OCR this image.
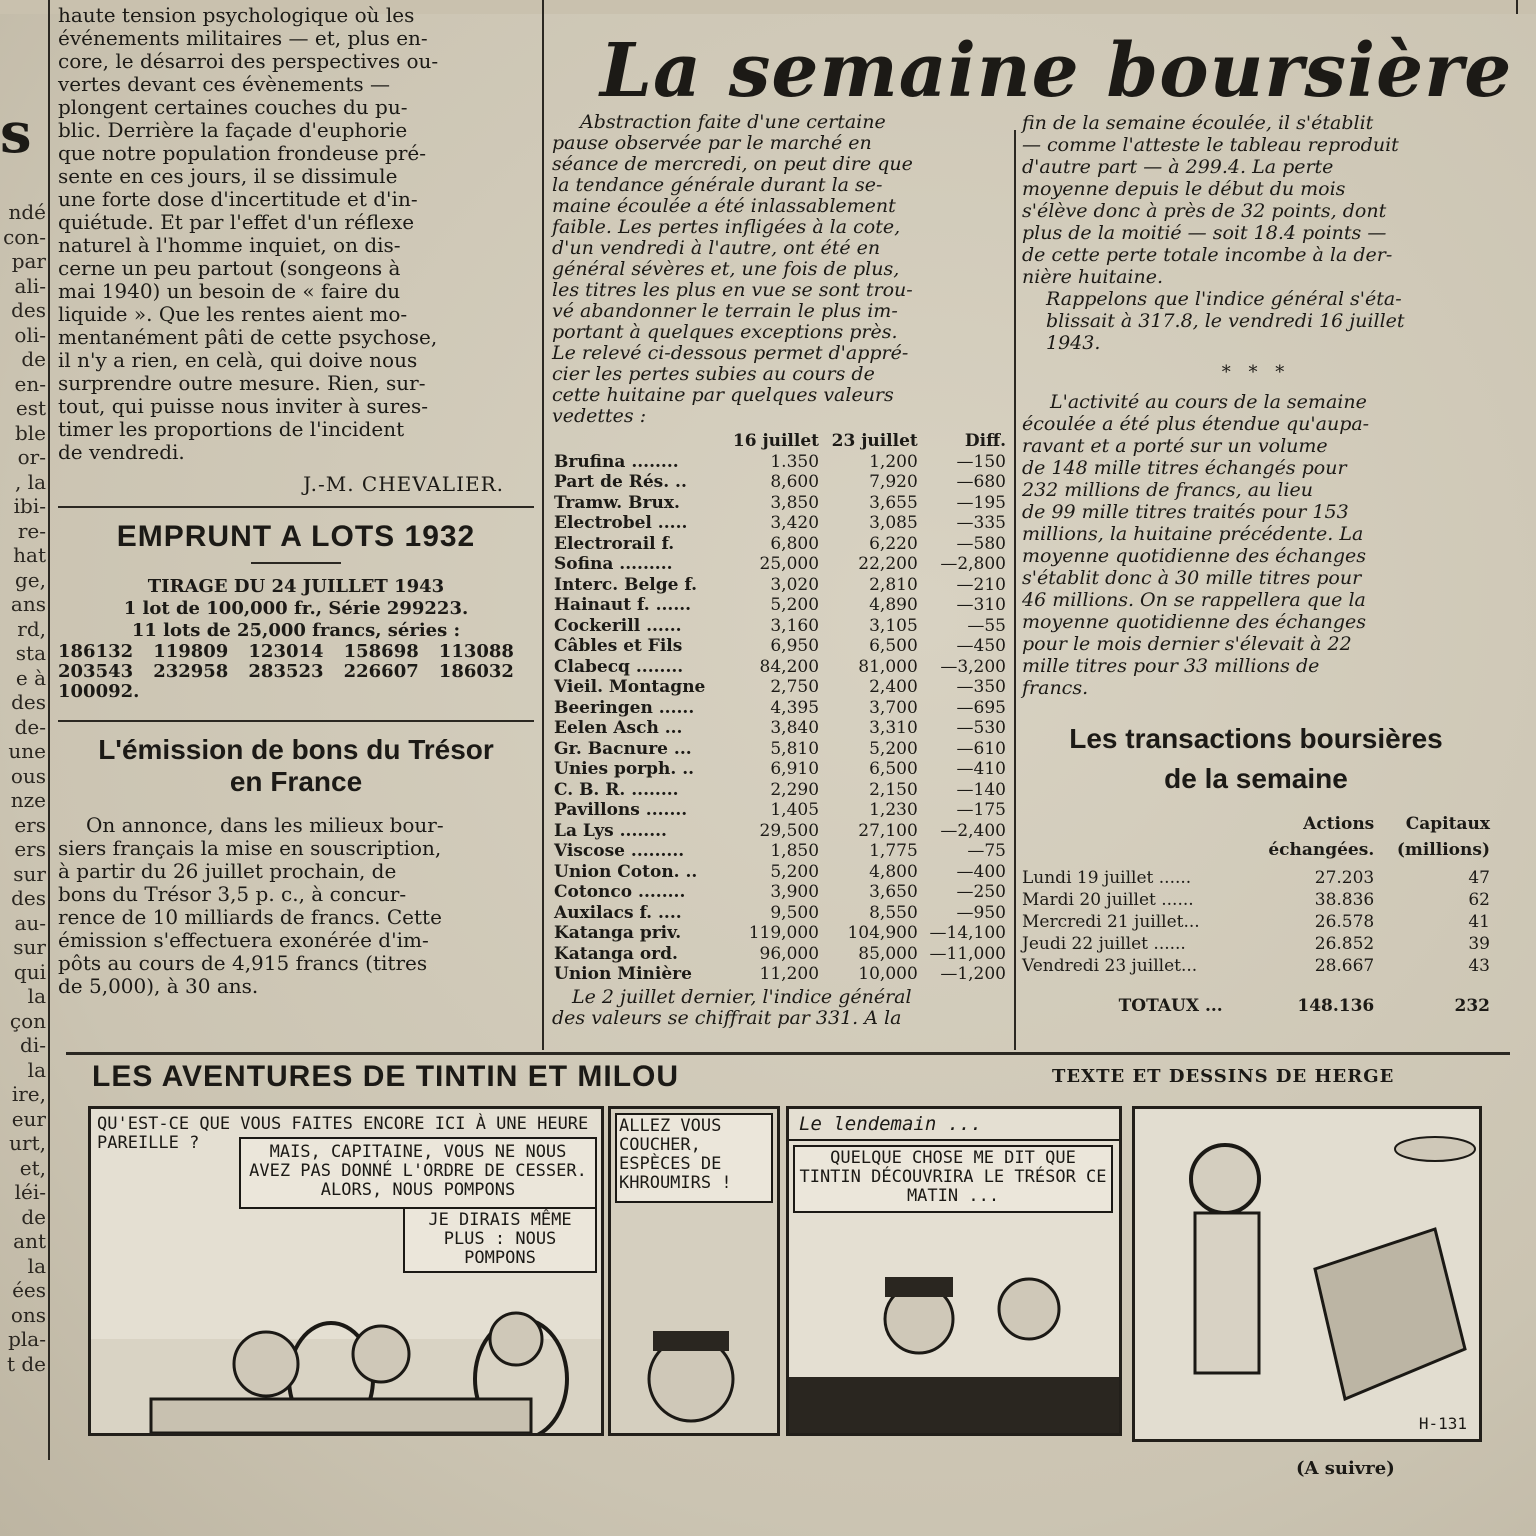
s
ndé
con-
par
ali-
des
oli-
de
en-
est
ble
or-
, la
ibi-
re-
hat
ge,
ans
rd,
sta
e à
des
de-
une
ous
nze
ers
ers
sur
des
au-
sur
qui
la
çon
di-
la
ire,
eur
urt,
et,
léi-
de
ant
la
ées
ons
pla-
t de
haute tension psychologique où les
événements militaires — et, plus en-
core, le désarroi des perspectives ou-
vertes devant ces évènements —
plongent certaines couches du pu-
blic. Derrière la façade d'euphorie
que notre population frondeuse pré-
sente en ces jours, il se dissimule
une forte dose d'incertitude et d'in-
quiétude. Et par l'effet d'un réflexe
naturel à l'homme inquiet, on dis-
cerne un peu partout (songeons à
mai 1940) un besoin de « faire du
liquide ». Que les rentes aient mo-
mentanément pâti de cette psychose,
il n'y a rien, en celà, qui doive nous
surprendre outre mesure. Rien, sur-
tout, qui puisse nous inviter à sures-
timer les proportions de l'incident
de vendredi.
J.-M. CHEVALIER.
EMPRUNT A LOTS 1932
TIRAGE DU 24 JUILLET 1943
1 lot de 100,000 fr., Série 299223.
11 lots de 25,000 francs, séries :
186132	119809	123014	158698	113088
203543	232958	283523	226607	186032
100092.
L'émission de bons du Trésor
en France
On annonce, dans les milieux bour-
siers français la mise en souscription,
à partir du 26 juillet prochain, de
bons du Trésor 3,5 p. c., à concur-
rence de 10 milliards de francs. Cette
émission s'effectuera exonérée d'im-
pôts au cours de 4,915 francs (titres
de 5,000), à 30 ans.
La semaine boursière
Abstraction faite d'une certaine
pause observée par le marché en
séance de mercredi, on peut dire que
la tendance générale durant la se-
maine écoulée a été inlassablement
faible. Les pertes infligées à la cote,
d'un vendredi à l'autre, ont été en
général sévères et, une fois de plus,
les titres les plus en vue se sont trou-
vé abandonner le terrain le plus im-
portant à quelques exceptions près.
Le relevé ci-dessous permet d'appré-
cier les pertes subies au cours de
cette huitaine par quelques valeurs
vedettes :
	16 juillet	23 juillet	Diff.
Brufina ........	1.350	1,200	—150
Part de Rés. ..	8,600	7,920	—680
Tramw. Brux.	3,850	3,655	—195
Electrobel .....	3,420	3,085	—335
Electrorail f.	6,800	6,220	—580
Sofina .........	25,000	22,200	—2,800
Interc. Belge f.	3,020	2,810	—210
Hainaut f. ......	5,200	4,890	—310
Cockerill ......	3,160	3,105	—55
Câbles et Fils	6,950	6,500	—450
Clabecq ........	84,200	81,000	—3,200
Vieil. Montagne	2,750	2,400	—350
Beeringen ......	4,395	3,700	—695
Eelen Asch ...	3,840	3,310	—530
Gr. Bacnure ...	5,810	5,200	—610
Unies porph. ..	6,910	6,500	—410
C. B. R. ........	2,290	2,150	—140
Pavillons .......	1,405	1,230	—175
La Lys ........	29,500	27,100	—2,400
Viscose .........	1,850	1,775	—75
Union Coton. ..	5,200	4,800	—400
Cotonco ........	3,900	3,650	—250
Auxilacs f. ....	9,500	8,550	—950
Katanga priv.	119,000	104,900	—14,100
Katanga ord.	96,000	85,000	—11,000
Union Minière	11,200	10,000	—1,200
Le 2 juillet dernier, l'indice général
des valeurs se chiffrait par 331. A la
fin de la semaine écoulée, il s'établit
— comme l'atteste le tableau reproduit
d'autre part — à 299.4. La perte
moyenne depuis le début du mois
s'élève donc à près de 32 points, dont
plus de la moitié — soit 18.4 points —
de cette perte totale incombe à la der-
nière huitaine.
Rappelons que l'indice général s'éta-
blissait à 317.8, le vendredi 16 juillet
1943.
* * *
L'activité au cours de la semaine
écoulée a été plus étendue qu'aupa-
ravant et a porté sur un volume
de 148 mille titres échangés pour
232 millions de francs, au lieu
de 99 mille titres traités pour 153
millions, la huitaine précédente. La
moyenne quotidienne des échanges
s'établit donc à 30 mille titres pour
46 millions. On se rappellera que la
moyenne quotidienne des échanges
pour le mois dernier s'élevait à 22
mille titres pour 33 millions de
francs.
Les transactions boursières
de la semaine
	Actions	Capitaux
	échangées.	(millions)
Lundi 19 juillet ......	27.203	47
Mardi 20 juillet ......	38.836	62
Mercredi 21 juillet...	26.578	41
Jeudi 22 juillet ......	26.852	39
Vendredi 23 juillet...	28.667	43

TOTAUX ...	148.136	232
LES AVENTURES DE TINTIN ET MILOU	TEXTE ET DESSINS DE HERGE
QU'EST-CE QUE VOUS FAITES ENCORE ICI À UNE HEURE PAREILLE ?	MAIS, CAPITAINE, VOUS NE NOUS AVEZ PAS DONNÉ L'ORDRE DE CESSER. ALORS, NOUS POMPONS
JE DIRAIS MÊME PLUS : NOUS POMPONS
ALLEZ VOUS COUCHER, ESPÈCES DE KHROUMIRS !
Le lendemain ...
QUELQUE CHOSE ME DIT QUE TINTIN DÉCOUVRIRA LE TRÉSOR CE MATIN ...
H-131
(A suivre)
